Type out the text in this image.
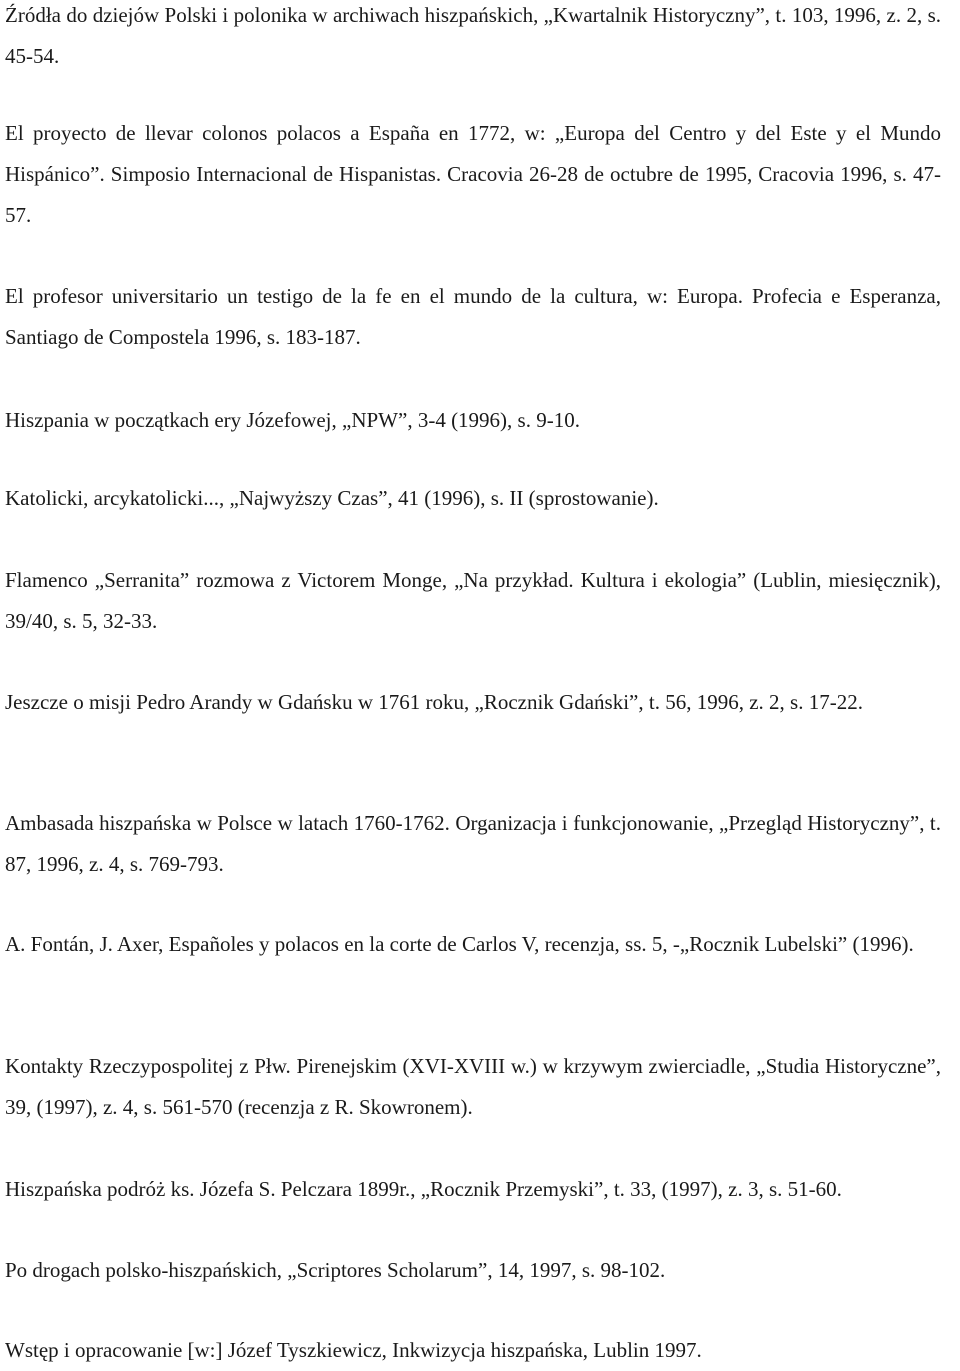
Źródła do dziejów Polski i polonika w archiwach hiszpańskich, „Kwartalnik Historyczny”, t. 103, 1996, z. 2, s. 45-54.

El proyecto de llevar colonos polacos a España en 1772, w: „Europa del Centro y del Este y el Mundo Hispánico”. Simposio Internacional de Hispanistas. Cracovia 26-28 de octubre de 1995, Cracovia 1996, s. 47-57.

El profesor universitario un testigo de la fe en el mundo de la cultura, w: Europa. Profecia e Esperanza, Santiago de Compostela 1996, s. 183-187.

Hiszpania w początkach ery Józefowej, „NPW”, 3-4 (1996), s. 9-10.

Katolicki, arcykatolicki..., „Najwyższy Czas”, 41 (1996), s. II (sprostowanie).

Flamenco „Serranita” rozmowa z Victorem Monge, „Na przykład. Kultura i ekologia” (Lublin, miesięcznik), 39/40, s. 5, 32-33.

Jeszcze o misji Pedro Arandy w Gdańsku w 1761 roku, „Rocznik Gdański”, t. 56, 1996, z. 2, s. 17-22.

Ambasada hiszpańska w Polsce w latach 1760-1762. Organizacja i funkcjonowanie, „Przegląd Historyczny”, t. 87, 1996, z. 4, s. 769-793.

A. Fontán, J. Axer, Españoles y polacos en la corte de Carlos V, recenzja, ss. 5, -„Rocznik Lubelski” (1996).

Kontakty Rzeczypospolitej z Płw. Pirenejskim (XVI-XVIII w.) w krzywym zwierciadle, „Studia Historyczne”, 39, (1997), z. 4, s. 561-570 (recenzja z R. Skowronem).

Hiszpańska podróż ks. Józefa S. Pelczara 1899r., „Rocznik Przemyski”, t. 33, (1997), z. 3, s. 51-60.

Po drogach polsko-hiszpańskich, „Scriptores Scholarum”, 14, 1997, s. 98-102.

Wstęp i opracowanie [w:] Józef Tyszkiewicz, Inkwizycja hiszpańska, Lublin 1997.
